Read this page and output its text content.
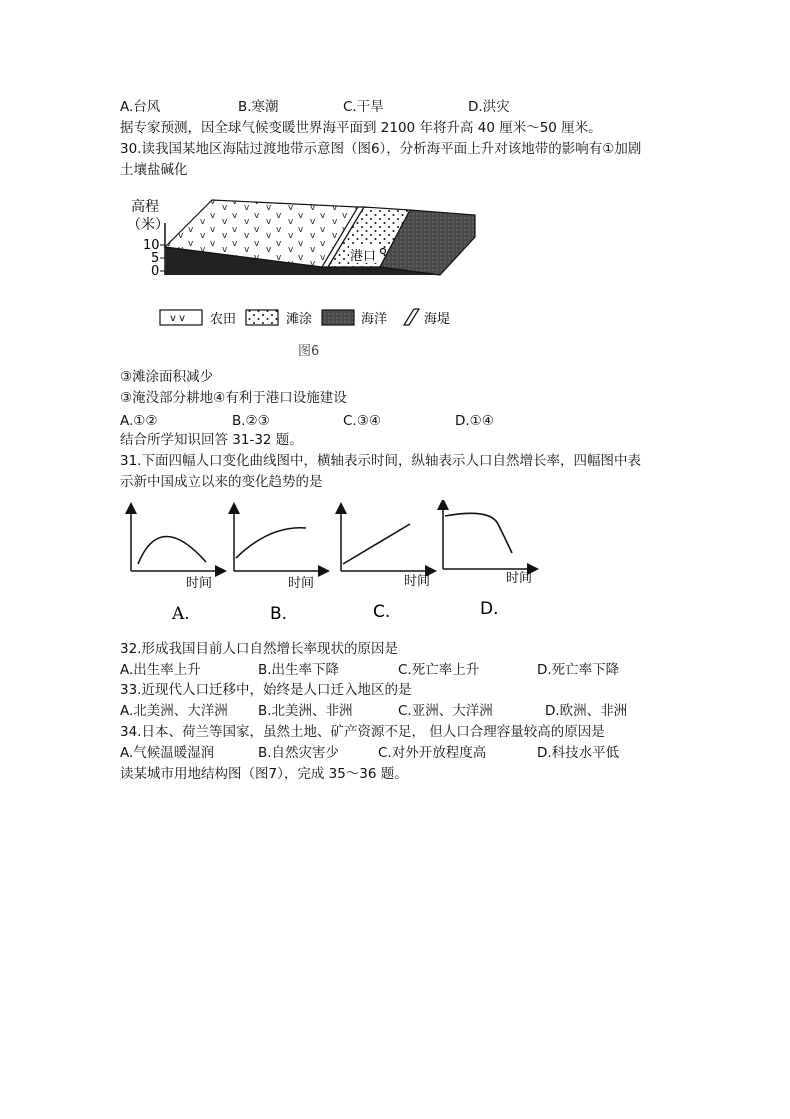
A.台风	B.寒潮	C.干旱	D.洪灾
据专家预测，因全球气候变暖世界海平面到 2100 年将升高 40 厘米～50 厘米。
30.读我国某地区海陆过渡地带示意图（图6），分析海平面上升对该地带的影响有①加剧
土壤盐碱化
高程
（米）
10
5
0
港口
v v 农田	滩涂	海洋	海堤
图6
③滩涂面积减少
③淹没部分耕地④有利于港口设施建设
A.①②	B.②③	C.③④	D.①④
结合所学知识回答 31-32 题。
31.下面四幅人口变化曲线图中，横轴表示时间，纵轴表示人口自然增长率，四幅图中表
示新中国成立以来的变化趋势的是
时间
A.
时间
B.
时间
C.
时间
D.
32.形成我国目前人口自然增长率现状的原因是
A.出生率上升	B.出生率下降	C.死亡率上升	D.死亡率下降
33.近现代人口迁移中，始终是人口迁入地区的是
A.北美洲、大洋洲 B.北美洲、非洲	C.亚洲、大洋洲	D.欧洲、非洲
34.日本、荷兰等国家，虽然土地、矿产资源不足， 但人口合理容量较高的原因是
A.气候温暖湿润	B.自然灾害少	C.对外开放程度高	D.科技水平低
读某城市用地结构图（图7），完成 35～36 题。
